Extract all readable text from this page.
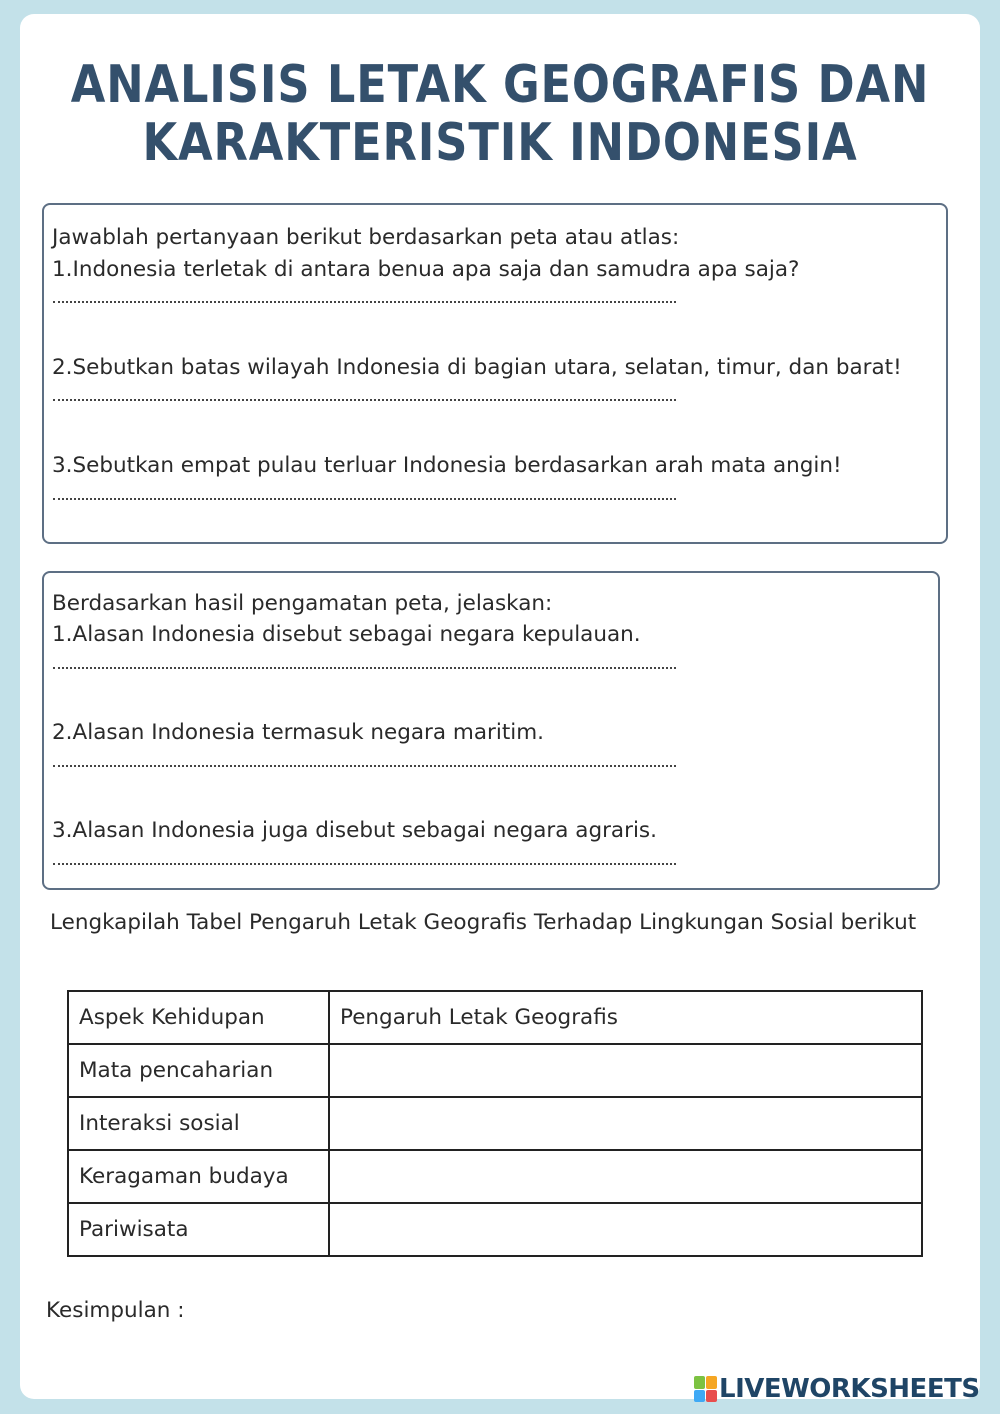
ANALISIS LETAK GEOGRAFIS DAN
KARAKTERISTIK INDONESIA

Jawablah pertanyaan berikut berdasarkan peta atau atlas:

1.Indonesia terletak di antara benua apa saja dan samudra apa saja?

2.Sebutkan batas wilayah Indonesia di bagian utara, selatan, timur, dan barat!

3.Sebutkan empat pulau terluar Indonesia berdasarkan arah mata angin!

Berdasarkan hasil pengamatan peta, jelaskan:

1.Alasan Indonesia disebut sebagai negara kepulauan.

2.Alasan Indonesia termasuk negara maritim.

3.Alasan Indonesia juga disebut sebagai negara agraris.

Lengkapilah Tabel Pengaruh Letak Geografis Terhadap Lingkungan Sosial berikut
Aspek Kehidupan	Pengaruh Letak Geografis
Mata pencaharian	
Interaksi sosial	
Keragaman budaya	
Pariwisata	
Kesimpulan :
LIVEWORKSHEETS
